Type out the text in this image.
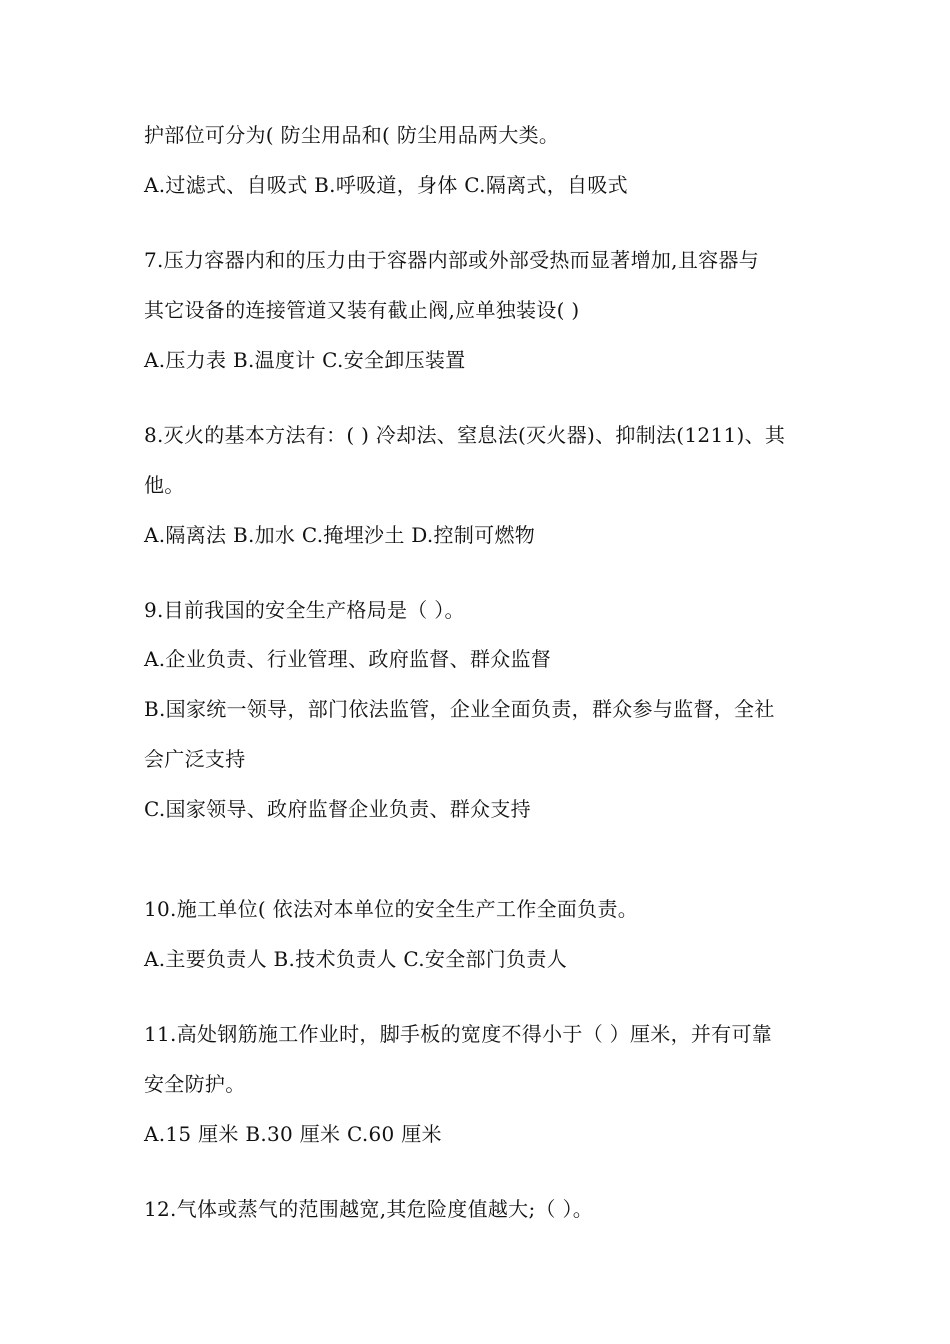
护部位可分为( 防尘用品和( 防尘用品两大类。
A.过滤式、自吸式 B.呼吸道，身体 C.隔离式，自吸式
7.压力容器内和的压力由于容器内部或外部受热而显著增加,且容器与
其它设备的连接管道又装有截止阀,应单独装设( )
A.压力表 B.温度计 C.安全卸压装置
8.灭火的基本方法有：( ) 冷却法、窒息法(灭火器)、抑制法(1211)、其
他。
A.隔离法 B.加水 C.掩埋沙土 D.控制可燃物
9.目前我国的安全生产格局是（ ）。
A.企业负责、行业管理、政府监督、群众监督
B.国家统一领导，部门依法监管，企业全面负责，群众参与监督，全社
会广泛支持
C.国家领导、政府监督企业负责、群众支持
10.施工单位( 依法对本单位的安全生产工作全面负责。
A.主要负责人 B.技术负责人 C.安全部门负责人
11.高处钢筋施工作业时，脚手板的宽度不得小于（ ）厘米，并有可靠
安全防护。
A.15 厘米 B.30 厘米 C.60 厘米
12.气体或蒸气的范围越宽,其危险度值越大;（ ）。
